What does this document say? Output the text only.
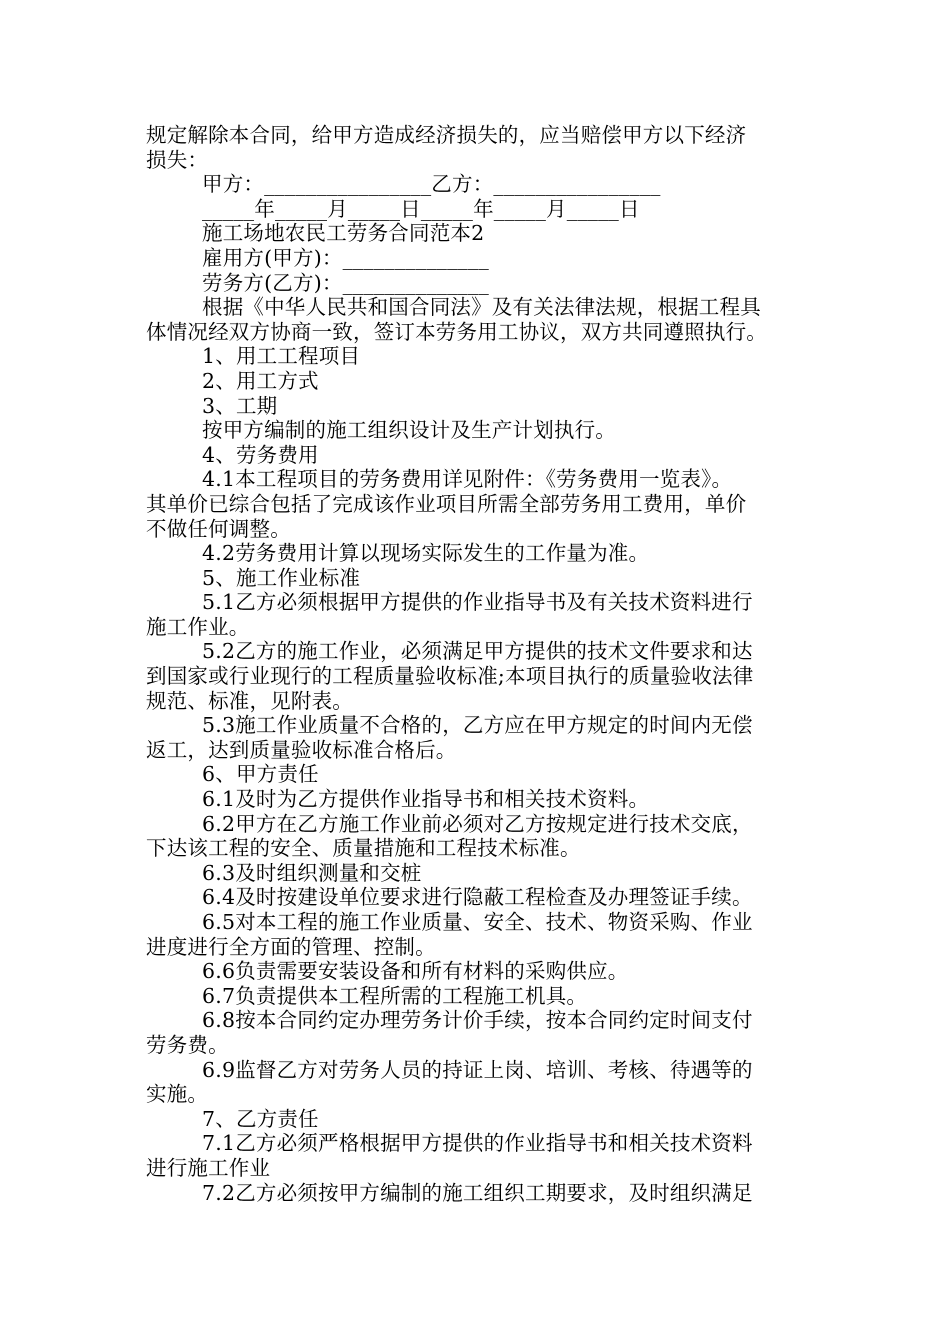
规定解除本合同，给甲方造成经济损失的，应当赔偿甲方以下经济

损失：

甲方：________________乙方：________________

_____年_____月_____日_____年_____月_____日

施工场地农民工劳务合同范本2

雇用方(甲方)：______________

劳务方(乙方)：______________

根据《中华人民共和国合同法》及有关法律法规，根据工程具

体情况经双方协商一致，签订本劳务用工协议，双方共同遵照执行。

1、用工工程项目

2、用工方式

3、工期

按甲方编制的施工组织设计及生产计划执行。

4、劳务费用

4.1本工程项目的劳务费用详见附件：《劳务费用一览表》。

其单价已综合包括了完成该作业项目所需全部劳务用工费用，单价

不做任何调整。

4.2劳务费用计算以现场实际发生的工作量为准。

5、施工作业标准

5.1乙方必须根据甲方提供的作业指导书及有关技术资料进行

施工作业。

5.2乙方的施工作业，必须满足甲方提供的技术文件要求和达

到国家或行业现行的工程质量验收标准;本项目执行的质量验收法律

规范、标准，见附表。

5.3施工作业质量不合格的，乙方应在甲方规定的时间内无偿

返工，达到质量验收标准合格后。

6、甲方责任

6.1及时为乙方提供作业指导书和相关技术资料。

6.2甲方在乙方施工作业前必须对乙方按规定进行技术交底，

下达该工程的安全、质量措施和工程技术标准。

6.3及时组织测量和交桩

6.4及时按建设单位要求进行隐蔽工程检查及办理签证手续。

6.5对本工程的施工作业质量、安全、技术、物资采购、作业

进度进行全方面的管理、控制。

6.6负责需要安装设备和所有材料的采购供应。

6.7负责提供本工程所需的工程施工机具。

6.8按本合同约定办理劳务计价手续，按本合同约定时间支付

劳务费。

6.9监督乙方对劳务人员的持证上岗、培训、考核、待遇等的

实施。

7、乙方责任

7.1乙方必须严格根据甲方提供的作业指导书和相关技术资料

进行施工作业

7.2乙方必须按甲方编制的施工组织工期要求，及时组织满足
